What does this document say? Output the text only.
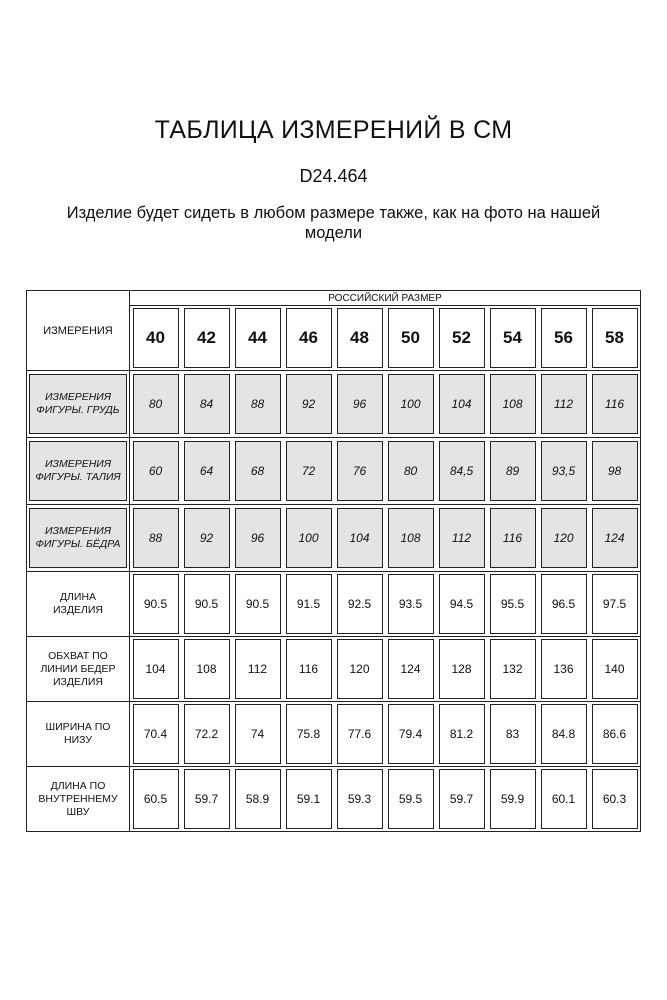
ТАБЛИЦА ИЗМЕРЕНИЙ В СМ
D24.464
Изделие будет сидеть в любом размере также, как на фото на нашей модели
ИЗМЕРЕНИЯ	РОССИЙСКИЙ РАЗМЕР									

40	42	44	46	48	50	52	54	56	58

ИЗМЕРЕНИЯ ФИГУРЫ. ГРУДЬ	80	84	88	92	96	100	104	108	112	116

ИЗМЕРЕНИЯ ФИГУРЫ. ТАЛИЯ	60	64	68	72	76	80	84,5	89	93,5	98

ИЗМЕРЕНИЯ ФИГУРЫ. БЁДРА	88	92	96	100	104	108	112	116	120	124

ДЛИНА ИЗДЕЛИЯ	90.5	90.5	90.5	91.5	92.5	93.5	94.5	95.5	96.5	97.5

ОБХВАТ ПО ЛИНИИ БЕДЕР ИЗДЕЛИЯ	104	108	112	116	120	124	128	132	136	140

ШИРИНА ПО НИЗУ	70.4	72.2	74	75.8	77.6	79.4	81.2	83	84.8	86.6

ДЛИНА ПО ВНУТРЕННЕМУ ШВУ	60.5	59.7	58.9	59.1	59.3	59.5	59.7	59.9	60.1	60.3
